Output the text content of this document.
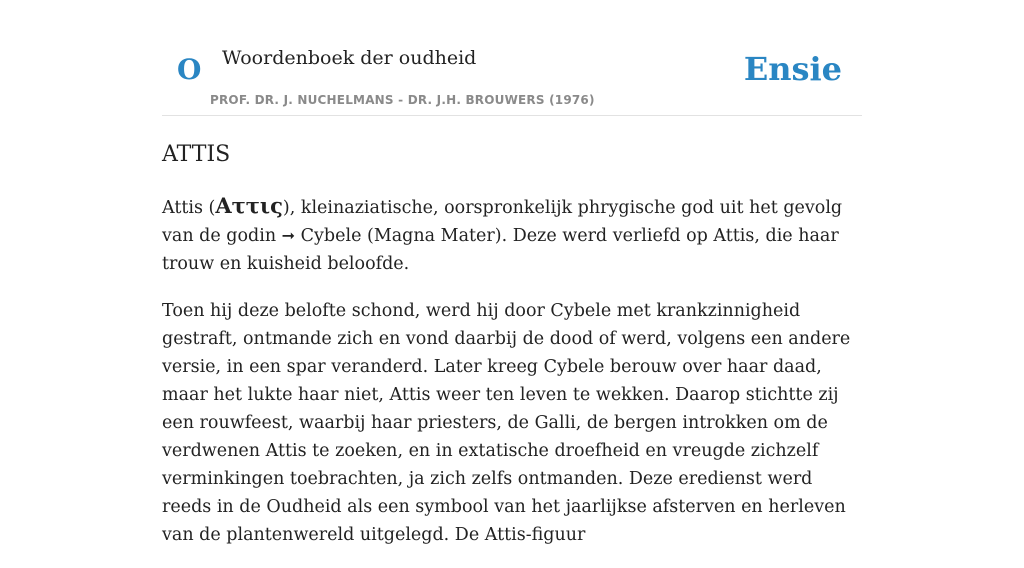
O Woordenboek der oudheid
PROF. DR. J. NUCHELMANS - DR. J.H. BROUWERS (1976)
Ensie
ATTIS

Attis (Αττις), kleinaziatische, oorspronkelijk phrygische god uit het gevolg van de godin ➞ Cybele (Magna Mater). Deze werd verliefd op Attis, die haar trouw en kuisheid beloofde.

Toen hij deze belofte schond, werd hij door Cybele met krankzinnigheid gestraft, ontmande zich en vond daarbij de dood of werd, volgens een andere versie, in een spar veranderd. Later kreeg Cybele berouw over haar daad, maar het lukte haar niet, Attis weer ten leven te wekken. Daarop stichtte zij een rouwfeest, waarbij haar priesters, de Galli, de bergen introkken om de verdwenen Attis te zoeken, en in extatische droefheid en vreugde zichzelf verminkingen toebrachten, ja zich zelfs ontmanden. Deze eredienst werd reeds in de Oudheid als een symbool van het jaarlijkse afsterven en herleven van de plantenwereld uitgelegd. De Attis-figuur
